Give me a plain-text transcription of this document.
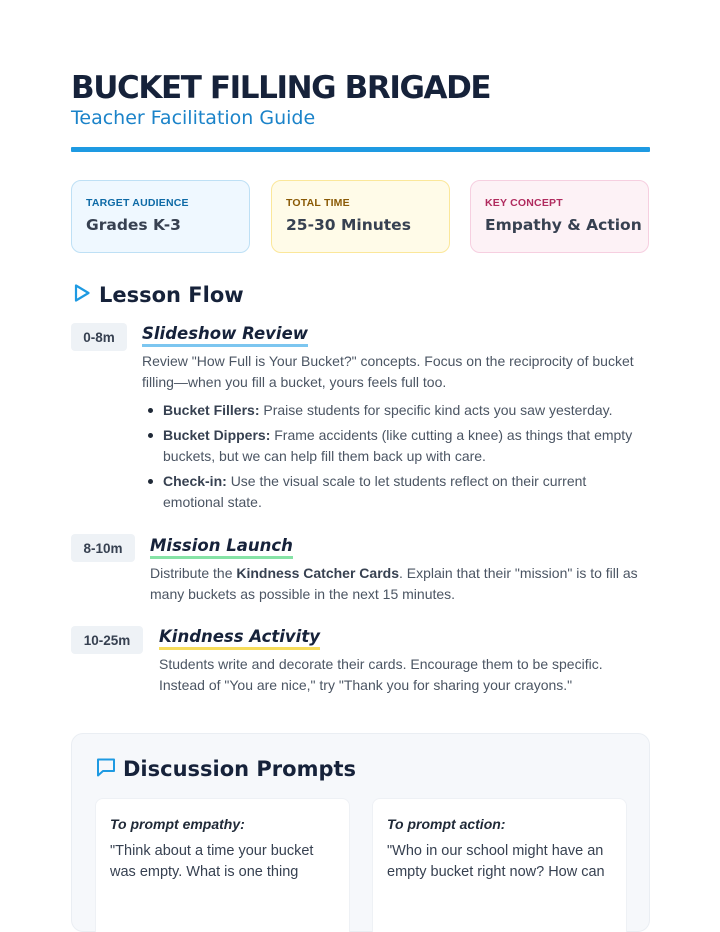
BUCKET FILLING BRIGADE
Teacher Facilitation Guide
TARGET AUDIENCE
Grades K-3
TOTAL TIME
25-30 Minutes
KEY CONCEPT
Empathy & Action
Lesson Flow
0-8m	Slideshow Review
Review "How Full is Your Bucket?" concepts. Focus on the reciprocity of bucket
filling—when you fill a bucket, yours feels full too.
Bucket Fillers: Praise students for specific kind acts you saw yesterday.
Bucket Dippers: Frame accidents (like cutting a knee) as things that empty
buckets, but we can help fill them back up with care.
Check-in: Use the visual scale to let students reflect on their current
emotional state.
8-10m	Mission Launch
Distribute the Kindness Catcher Cards. Explain that their "mission" is to fill as
many buckets as possible in the next 15 minutes.
10-25m	Kindness Activity
Students write and decorate their cards. Encourage them to be specific.
Instead of "You are nice," try "Thank you for sharing your crayons."
Discussion Prompts
To prompt empathy:
"Think about a time your bucket
was empty. What is one thing
To prompt action:
"Who in our school might have an
empty bucket right now? How can
